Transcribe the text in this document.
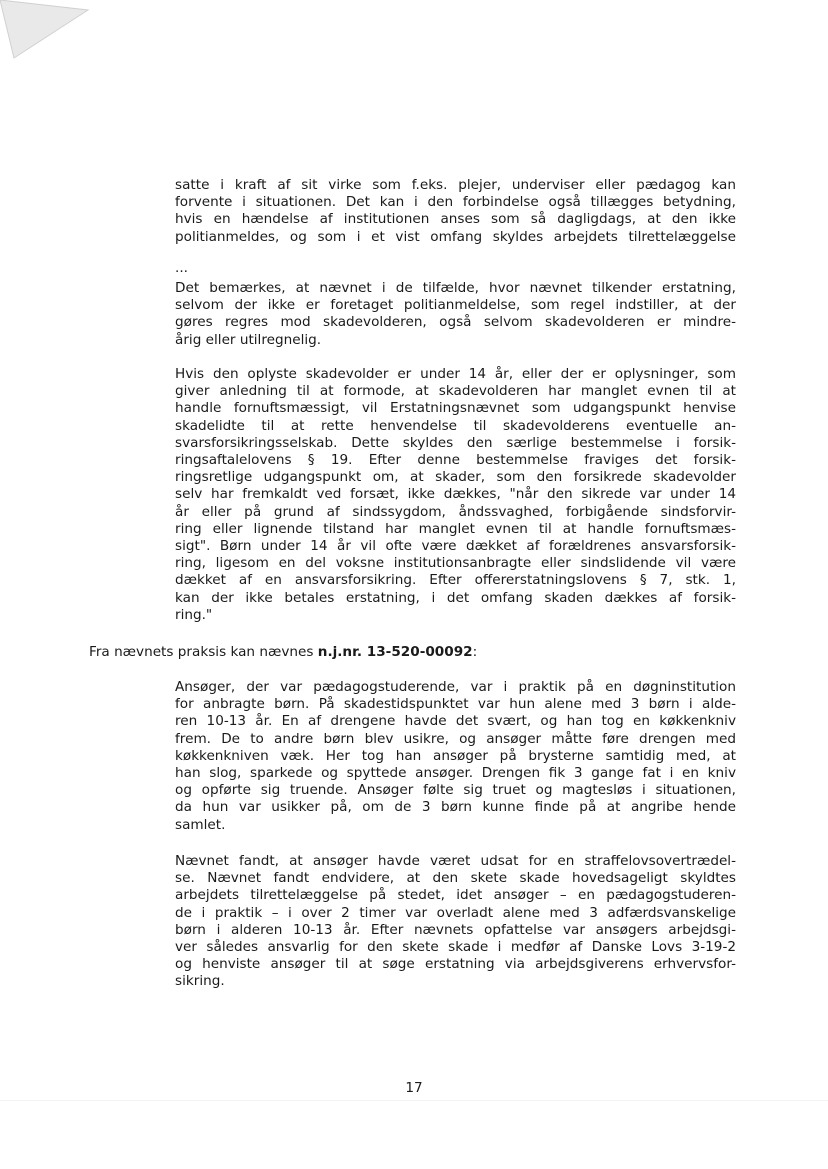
satte i kraft af sit virke som f.eks. plejer, underviser eller pædagog kan
forvente i situationen. Det kan i den forbindelse også tillægges betydning,
hvis en hændelse af institutionen anses som så dagligdags, at den ikke
politianmeldes, og som i et vist omfang skyldes arbejdets tilrettelæggelse

...

Det bemærkes, at nævnet i de tilfælde, hvor nævnet tilkender erstatning,
selvom der ikke er foretaget politianmeldelse, som regel indstiller, at der
gøres regres mod skadevolderen, også selvom skadevolderen er mindre-
årig eller utilregnelig.

Hvis den oplyste skadevolder er under 14 år, eller der er oplysninger, som
giver anledning til at formode, at skadevolderen har manglet evnen til at
handle fornuftsmæssigt, vil Erstatningsnævnet som udgangspunkt henvise
skadelidte til at rette henvendelse til skadevolderens eventuelle an-
svarsforsikringsselskab. Dette skyldes den særlige bestemmelse i forsik-
ringsaftalelovens § 19. Efter denne bestemmelse fraviges det forsik-
ringsretlige udgangspunkt om, at skader, som den forsikrede skadevolder
selv har fremkaldt ved forsæt, ikke dækkes, "når den sikrede var under 14
år eller på grund af sindssygdom, åndssvaghed, forbigående sindsforvir-
ring eller lignende tilstand har manglet evnen til at handle fornuftsmæs-
sigt". Børn under 14 år vil ofte være dækket af forældrenes ansvarsforsik-
ring, ligesom en del voksne institutionsanbragte eller sindslidende vil være
dækket af en ansvarsforsikring. Efter offererstatningslovens § 7, stk. 1,
kan der ikke betales erstatning, i det omfang skaden dækkes af forsik-
ring."

Fra nævnets praksis kan nævnes n.j.nr. 13-520-00092:

Ansøger, der var pædagogstuderende, var i praktik på en døgninstitution
for anbragte børn. På skadestidspunktet var hun alene med 3 børn i alde-
ren 10-13 år. En af drengene havde det svært, og han tog en køkkenkniv
frem. De to andre børn blev usikre, og ansøger måtte føre drengen med
køkkenkniven væk. Her tog han ansøger på brysterne samtidig med, at
han slog, sparkede og spyttede ansøger. Drengen fik 3 gange fat i en kniv
og opførte sig truende. Ansøger følte sig truet og magtesløs i situationen,
da hun var usikker på, om de 3 børn kunne finde på at angribe hende
samlet.

Nævnet fandt, at ansøger havde været udsat for en straffelovsovertrædel-
se. Nævnet fandt endvidere, at den skete skade hovedsageligt skyldtes
arbejdets tilrettelæggelse på stedet, idet ansøger – en pædagogstuderen-
de i praktik – i over 2 timer var overladt alene med 3 adfærdsvanskelige
børn i alderen 10-13 år. Efter nævnets opfattelse var ansøgers arbejdsgi-
ver således ansvarlig for den skete skade i medfør af Danske Lovs 3-19-2
og henviste ansøger til at søge erstatning via arbejdsgiverens erhvervsfor-
sikring.

17
